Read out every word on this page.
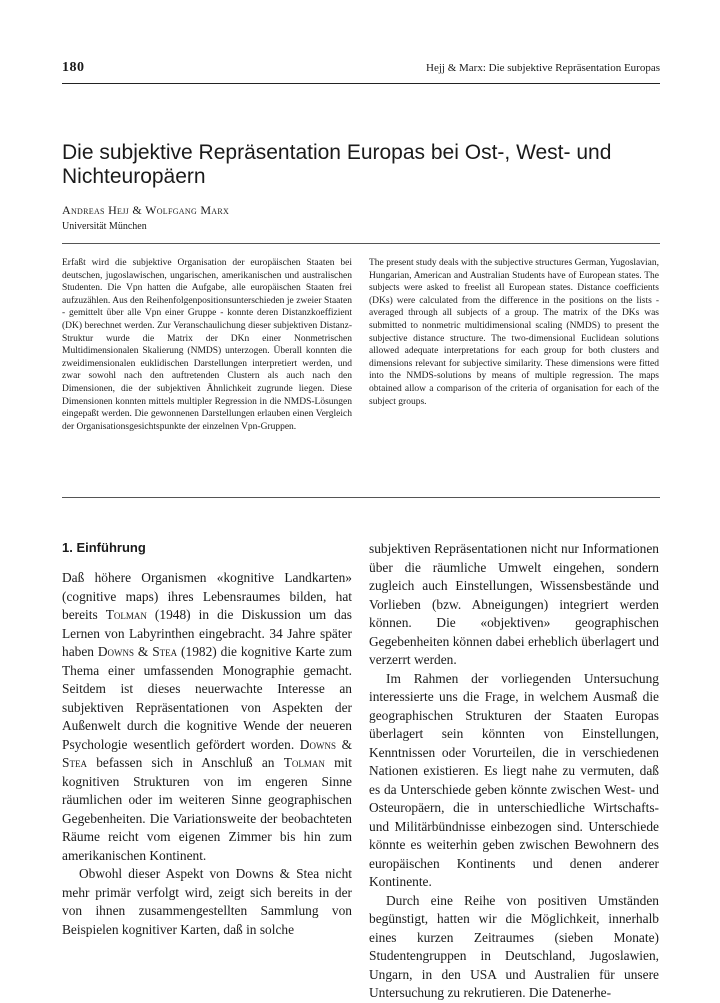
180	Hejj & Marx: Die subjektive Repräsentation Europas
Die subjektive Repräsentation Europas bei Ost-, West- und Nichteuropäern
Andreas Hejj & Wolfgang Marx
Universität München

Erfaßt wird die subjektive Organisation der europäischen Staaten bei deutschen, jugoslawischen, ungarischen, amerikanischen und australischen Studenten. Die Vpn hatten die Aufgabe, alle europäischen Staaten frei aufzuzählen. Aus den Reihenfolgenpositionsunterschieden je zweier Staaten - gemittelt über alle Vpn einer Gruppe - konnte deren Distanzkoeffizient (DK) berechnet werden. Zur Veranschaulichung dieser subjektiven Distanz-Struktur wurde die Matrix der DKn einer Nonmetrischen Multidimensionalen Skalierung (NMDS) unterzogen. Überall konnten die zweidimensionalen euklidischen Darstellungen interpretiert werden, und zwar sowohl nach den auftretenden Clustern als auch nach den Dimensionen, die der subjektiven Ähnlichkeit zugrunde liegen. Diese Dimensionen konnten mittels multipler Regression in die NMDS-Lösungen eingepaßt werden. Die gewonnenen Darstellungen erlauben einen Vergleich der Organisationsgesichtspunkte der einzelnen Vpn-Gruppen.

The present study deals with the subjective structures German, Yugoslavian, Hungarian, American and Australian Students have of European states. The subjects were asked to freelist all European states. Distance coefficients (DKs) were calculated from the difference in the positions on the lists - averaged through all subjects of a group. The matrix of the DKs was submitted to nonmetric multidimensional scaling (NMDS) to present the subjective distance structure. The two-dimensional Euclidean solutions allowed adequate interpretations for each group for both clusters and dimensions relevant for subjective similarity. These dimensions were fitted into the NMDS-solutions by means of multiple regression. The maps obtained allow a comparison of the criteria of organisation for each of the subject groups.

1. Einführung

Daß höhere Organismen «kognitive Landkarten» (cognitive maps) ihres Lebensraumes bilden, hat bereits Tolman (1948) in die Diskussion um das Lernen von Labyrinthen eingebracht. 34 Jahre später haben Downs & Stea (1982) die kognitive Karte zum Thema einer umfassenden Monographie gemacht. Seitdem ist dieses neuerwachte Interesse an subjektiven Repräsentationen von Aspekten der Außenwelt durch die kognitive Wende der neueren Psychologie wesentlich gefördert worden. Downs & Stea befassen sich in Anschluß an Tolman mit kognitiven Strukturen von im engeren Sinne räumlichen oder im weiteren Sinne geographischen Gegebenheiten. Die Variationsweite der beobachteten Räume reicht vom eigenen Zimmer bis hin zum amerikanischen Kontinent.

Obwohl dieser Aspekt von Downs & Stea nicht mehr primär verfolgt wird, zeigt sich bereits in der von ihnen zusammengestellten Sammlung von Beispielen kognitiver Karten, daß in solche

subjektiven Repräsentationen nicht nur Informationen über die räumliche Umwelt eingehen, sondern zugleich auch Einstellungen, Wissensbestände und Vorlieben (bzw. Abneigungen) integriert werden können. Die «objektiven» geographischen Gegebenheiten können dabei erheblich überlagert und verzerrt werden.

Im Rahmen der vorliegenden Untersuchung interessierte uns die Frage, in welchem Ausmaß die geographischen Strukturen der Staaten Europas überlagert sein könnten von Einstellungen, Kenntnissen oder Vorurteilen, die in verschiedenen Nationen existieren. Es liegt nahe zu vermuten, daß es da Unterschiede geben könnte zwischen West- und Osteuropäern, die in unterschiedliche Wirtschafts- und Militärbündnisse einbezogen sind. Unterschiede könnte es weiterhin geben zwischen Bewohnern des europäischen Kontinents und denen anderer Kontinente.

Durch eine Reihe von positiven Umständen begünstigt, hatten wir die Möglichkeit, innerhalb eines kurzen Zeitraumes (sieben Monate) Studentengruppen in Deutschland, Jugoslawien, Ungarn, in den USA und Australien für unsere Untersuchung zu rekrutieren. Die Datenerhe-
